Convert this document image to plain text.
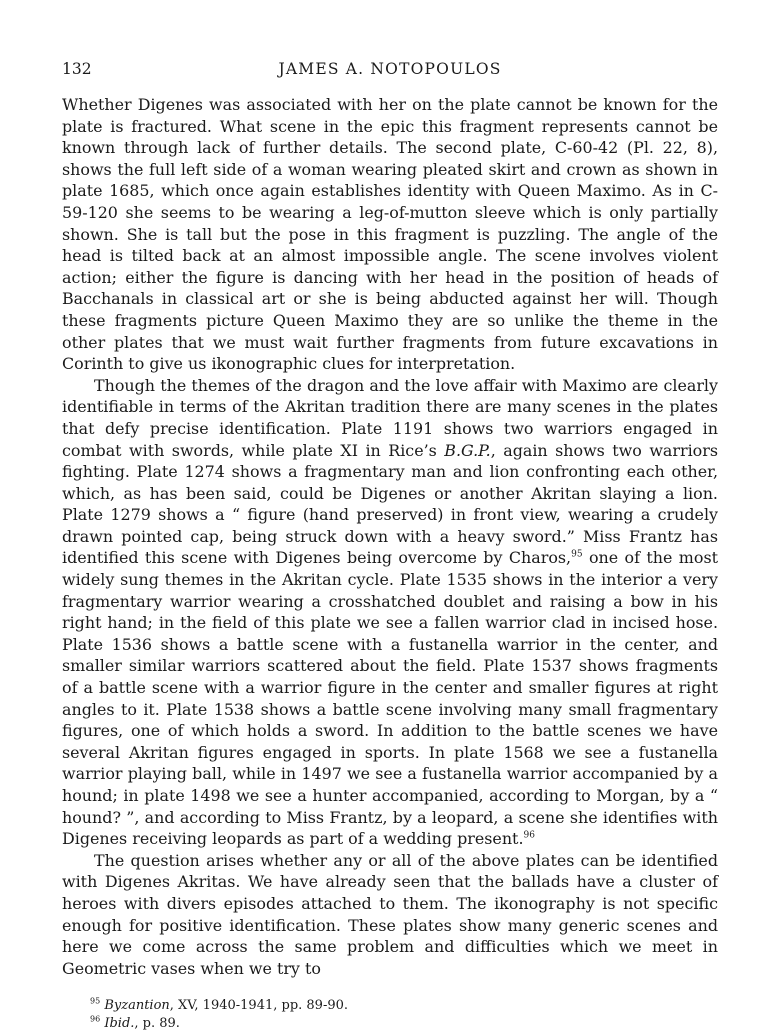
132	JAMES A. NOTOPOULOS

Whether Digenes was associated with her on the plate cannot be known for the plate is fractured. What scene in the epic this fragment represents cannot be known through lack of further details. The second plate, C-60-42 (Pl. 22, 8), shows the full left side of a woman wearing pleated skirt and crown as shown in plate 1685, which once again establishes identity with Queen Maximo. As in C-59-120 she seems to be wearing a leg-of-mutton sleeve which is only partially shown. She is tall but the pose in this fragment is puzzling. The angle of the head is tilted back at an almost impossible angle. The scene involves violent action; either the figure is dancing with her head in the position of heads of Bacchanals in classical art or she is being abducted against her will. Though these fragments picture Queen Maximo they are so unlike the theme in the other plates that we must wait further fragments from future excavations in Corinth to give us ikonographic clues for interpretation.

Though the themes of the dragon and the love affair with Maximo are clearly identifiable in terms of the Akritan tradition there are many scenes in the plates that defy precise identification. Plate 1191 shows two warriors engaged in combat with swords, while plate XI in Rice’s B.G.P., again shows two warriors fighting. Plate 1274 shows a fragmentary man and lion confronting each other, which, as has been said, could be Digenes or another Akritan slaying a lion. Plate 1279 shows a “ figure (hand preserved) in front view, wearing a crudely drawn pointed cap, being struck down with a heavy sword.” Miss Frantz has identified this scene with Digenes being overcome by Charos,$^{95}$ one of the most widely sung themes in the Akritan cycle. Plate 1535 shows in the interior a very fragmentary warrior wearing a crosshatched doublet and raising a bow in his right hand; in the field of this plate we see a fallen warrior clad in incised hose. Plate 1536 shows a battle scene with a fustanella warrior in the center, and smaller similar warriors scattered about the field. Plate 1537 shows fragments of a battle scene with a warrior figure in the center and smaller figures at right angles to it. Plate 1538 shows a battle scene involving many small fragmentary figures, one of which holds a sword. In addition to the battle scenes we have several Akritan figures engaged in sports. In plate 1568 we see a fustanella warrior playing ball, while in 1497 we see a fustanella warrior accompanied by a hound; in plate 1498 we see a hunter accompanied, according to Morgan, by a “ hound? ”, and according to Miss Frantz, by a leopard, a scene she identifies with Digenes receiving leopards as part of a wedding present.$^{96}$

The question arises whether any or all of the above plates can be identified with Digenes Akritas. We have already seen that the ballads have a cluster of heroes with divers episodes attached to them. The ikonography is not specific enough for positive identification. These plates show many generic scenes and here we come across the same problem and difficulties which we meet in Geometric vases when we try to

$^{95}$ Byzantion, XV, 1940-1941, pp. 89-90.

$^{96}$ Ibid., p. 89.
